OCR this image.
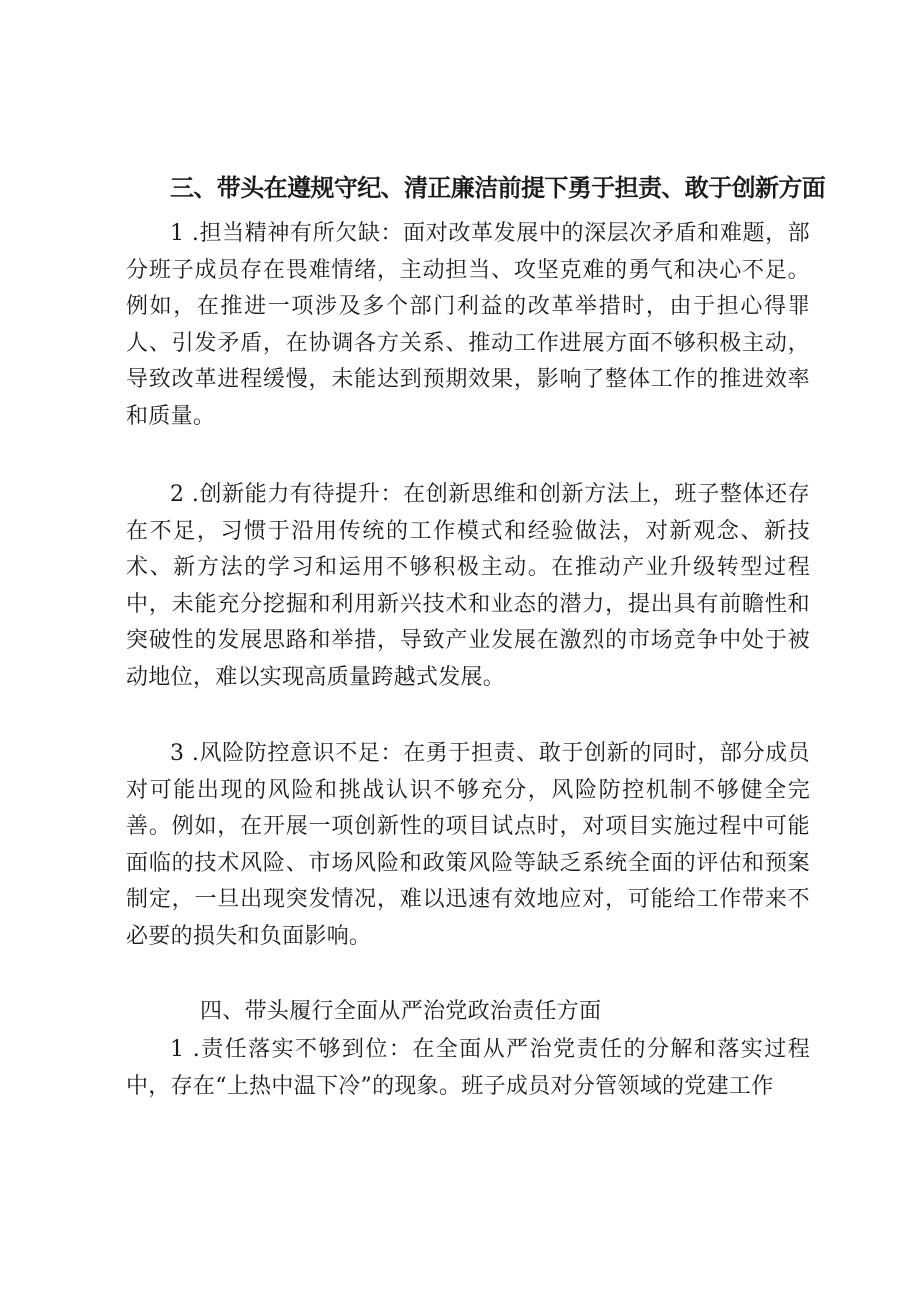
三、带头在遵规守纪、清正廉洁前提下勇于担责、敢于创新方面
1 .担当精神有所欠缺：面对改革发展中的深层次矛盾和难题，部分班子成员存在畏难情绪，主动担当、攻坚克难的勇气和决心不足。例如，在推进一项涉及多个部门利益的改革举措时，由于担心得罪人、引发矛盾，在协调各方关系、推动工作进展方面不够积极主动，导致改革进程缓慢，未能达到预期效果，影响了整体工作的推进效率和质量。
2 .创新能力有待提升：在创新思维和创新方法上，班子整体还存在不足，习惯于沿用传统的工作模式和经验做法，对新观念、新技术、新方法的学习和运用不够积极主动。在推动产业升级转型过程中，未能充分挖掘和利用新兴技术和业态的潜力，提出具有前瞻性和突破性的发展思路和举措，导致产业发展在激烈的市场竞争中处于被动地位，难以实现高质量跨越式发展。
3 .风险防控意识不足：在勇于担责、敢于创新的同时，部分成员对可能出现的风险和挑战认识不够充分，风险防控机制不够健全完善。例如，在开展一项创新性的项目试点时，对项目实施过程中可能面临的技术风险、市场风险和政策风险等缺乏系统全面的评估和预案制定，一旦出现突发情况，难以迅速有效地应对，可能给工作带来不必要的损失和负面影响。
四、带头履行全面从严治党政治责任方面
1 .责任落实不够到位：在全面从严治党责任的分解和落实过程中，存在“上热中温下冷”的现象。班子成员对分管领域的党建工作
